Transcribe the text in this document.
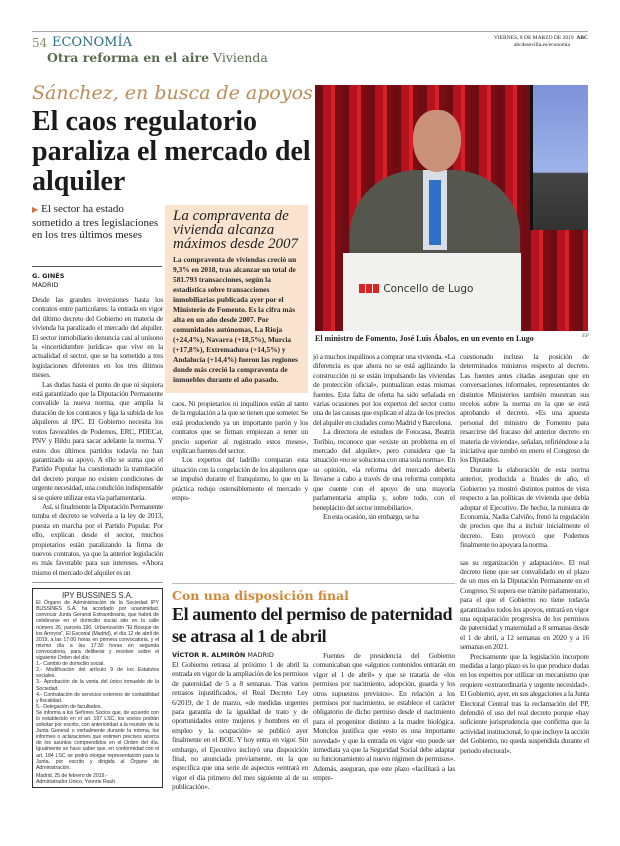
54 ECONOMÍA
Otra reforma en el aire Vivienda
VIERNES, 8 DE MARZO DE 2019 ABC
abcdesevilla.es/economia
Sánchez, en busca de apoyos
El caos regulatorio paraliza el mercado del alquiler
▶ El sector ha estado sometido a tres legislaciones en los tres últimos meses
G. GINÉS
MADRID

Desde las grandes inversiones hasta los contratos entre particulares: la entrada en vigor del último decreto del Gobierno en materia de vivienda ha paralizado el mercado del alquiler. El sector inmobiliario denuncia casi al unísono la «incertidumbre jurídica» que vive en la actualidad el sector, que se ha sometido a tres legislaciones diferentes en los tres últimos meses.

Las dudas hasta el punto de que ni siquiera está garantizado que la Diputación Permanente convalide la nueva norma, que amplía la duración de los contratos y liga la subida de los alquileres al IPC. El Gobierno necesita los votos favorables de Podemos, ERC, PDECat, PNV y Bildu para sacar adelante la norma. Y estos dos últimos partidos todavía no han garantizado su apoyo. A ello se suma que el Partido Popular ha cuestionado la tramitación del decreto porque no existen condiciones de urgente necesidad, una condición indispensable si se quiere utilizar esta vía parlamentaria.

Así, si finalmente la Diputación Permanente tumba el decreto se volvería a la ley de 2013, puesta en marcha por el Partido Popular. Por ello, explican desde el sector, muchos propietarios están paralizando la firma de nuevos contratos, ya que la anterior legislación es más favorable para sus intereses. «Ahora mismo el mercado del alquiler es un

IPY BUSSINES S.A.
El Órgano de Administración de la Sociedad IPY BUSSINES S.A. ha acordado por unanimidad, convocar Junta General Extraordinaria, que habrá de celebrarse en el domicilio social sito en la calle número 26, parcela 190, Urbanización "El Bosque de los Arroyos", El Escorial (Madrid), el día 12 de abril de 2019, a las 17:00 horas en primera convocatoria, y el mismo día a las 17:30 horas en segunda convocatoria, para deliberar y resolver sobre el siguiente Orden del día:
1.- Cambio de domicilio social.
2.- Modificación del artículo 9 de los Estatutos sociales.
3.- Aprobación de la venta del único inmueble de la Sociedad.
4.- Contratación de servicios externos de contabilidad y fiscalidad.
5.- Delegación de facultades.
Se informa a los Señores Socios que, de acuerdo con lo establecido en el art. 197 LSC, los socios podrán solicitar por escrito, con anterioridad a la reunión de la Junta General o verbalmente durante la misma, los informes o aclaraciones que estimen precisos acerca de los asuntos comprendidos en el Orden del día. Igualmente se hace saber que, en conformidad con el art. 184 LSC se podrá otorgar representación para la Junta, por escrito y dirigida al Órgano de Administración.
Madrid, 25 de febrero de 2019.-
Administrador Único, Yvonne Rauh.
La compraventa de vivienda alcanza máximos desde 2007
La compraventa de viviendas creció un 9,3% en 2018, tras alcanzar un total de 581.793 transacciones, según la estadística sobre transacciones inmobiliarias publicada ayer por el Ministerio de Fomento. Es la cifra más alta en un año desde 2007. Por comunidades autónomas, La Rioja (+24,4%), Navarra (+18,5%), Murcia (+17,8%), Extremadura (+14,5%) y Andalucía (+14,4%) fueron las regiones donde más creció la compraventa de inmuebles durante el año pasado.

caos. Ni propietarios ni inquilinos están al tanto de la regulación a la que se tienen que someter. Se está produciendo ya un importante parón y los contratos que se firman empiezan a tener un precio superior al registrado estos meses», explican fuentes del sector.

Los expertos del ladrillo comparan esta situación con la congelación de los alquileres que se impulsó durante el franquismo, lo que en la práctica redujo ostensiblemente el mercado y empu-

Concello de Lugo
El ministro de Fomento, José Luis Ábalos, en un evento en Lugo	EP

jó a muchos inquilinos a comprar una vivienda. «La diferencia es que ahora no se está agilizando la construcción ni se están impulsando las viviendas de protección oficial», puntualizan estas mismas fuentes. Esta falta de oferta ha sido señalada en varias ocasiones por los expertos del sector como una de las causas que explican el alza de los precios del alquiler en ciudades como Madrid y Barcelona.

La directora de estudios de Fotocasa, Beatriz Toribio, reconoce que «existe un problema en el mercado del alquiler», pero considera que la situación «no se soluciona con una sola norma». En su opinión, «la reforma del mercado debería llevarse a cabo a través de una reforma completa que cuente con el apoyo de una mayoría parlamentaria amplia y, sobre todo, con el beneplácito del sector inmobiliario».

En esta ocasión, sin embargo, se ha

cuestionado incluso la posición de determinados ministros respecto al decreto. Las fuentes antes citadas aseguran que en conversaciones informales, representantes de distintos Ministerios también muestran sus recelos sobre la norma en la que se está aprobando el decreto. «Es una apuesta personal del ministro de Fomento para resarcirse del fracaso del anterior decreto en materia de vivienda», señalan, refiriéndose a la iniciativa que tumbó en enero el Congreso de los Diputados.

Durante la elaboración de esta norma anterior, producida a finales de año, el Gobierno ya mostró distintos puntos de vista respecto a las políticas de vivienda que debía adoptar el Ejecutivo. De hecho, la ministra de Economía, Nadia Calviño, frenó la regulación de precios que iba a incluir inicialmente el decreto. Esto provocó que Podemos finalmente no apoyara la norma.

sas su organización y adaptación». El real decreto tiene que ser convalidado en el plazo de un mes en la Diputación Permanente en el Congreso. Si supera ese trámite parlamentario, para el que el Gobierno no tiene todavía garantizados todos los apoyos, entrará en vigor una equiparación progresiva de los permisos de paternidad y maternidad a 8 semanas desde el 1 de abril, a 12 semanas en 2020 y a 16 semanas en 2021.

Precisamente que la legislación incorpore medidas a largo plazo es lo que produce dudas en los expertos por utilizar un mecanismo que requiere «extraordinaria y urgente necesidad». El Gobierno, ayer, en sus alegaciones a la Junta Electoral Central tras la reclamación del PP, defendió el uso del real decreto porque «hay suficiente jurisprudencia que confirma que la actividad institucional, lo que incluye la acción del Gobierno, no queda suspendida durante el periodo electoral».

Con una disposición final
El aumento del permiso de paternidad se atrasa al 1 de abril
VÍCTOR R. ALMIRÓN MADRID

El Gobierno retrasa al próximo 1 de abril la entrada en vigor de la ampliación de los permisos de paternidad de 5 a 8 semanas. Tras varios retrasos injustificados, el Real Decreto Ley 6/2019, de 1 de marzo, «de medidas urgentes para garantía de la igualdad de trato y de oportunidades entre mujeres y hombres en el empleo y la ocupación» se publicó ayer finalmente en el BOE. Y hoy entra en vigor. Sin embargo, el Ejecutivo incluyó una disposición final, no anunciada previamente, en la que especifica que una serie de aspectos «entrará en vigor el día primero del mes siguiente al de su publicación».

Fuentes de presidencia del Gobierno comunicaban que «algunos contenidos entrarán en vigor el 1 de abril» y que se trataría de «los permisos por nacimiento, adopción, guarda y los otros supuestos previstos». En relación a los permisos por nacimiento, se establece el carácter obligatorio de dicho permiso desde el nacimiento para el progenitor distinto a la madre biológica. Moncloa justifica que «esto es una importante novedad» y que la entrada en vigor «no puede ser inmediata ya que la Seguridad Social debe adaptar su funcionamiento al nuevo régimen de permisos». Además, aseguran, que este plazo «facilitará a las empre-
